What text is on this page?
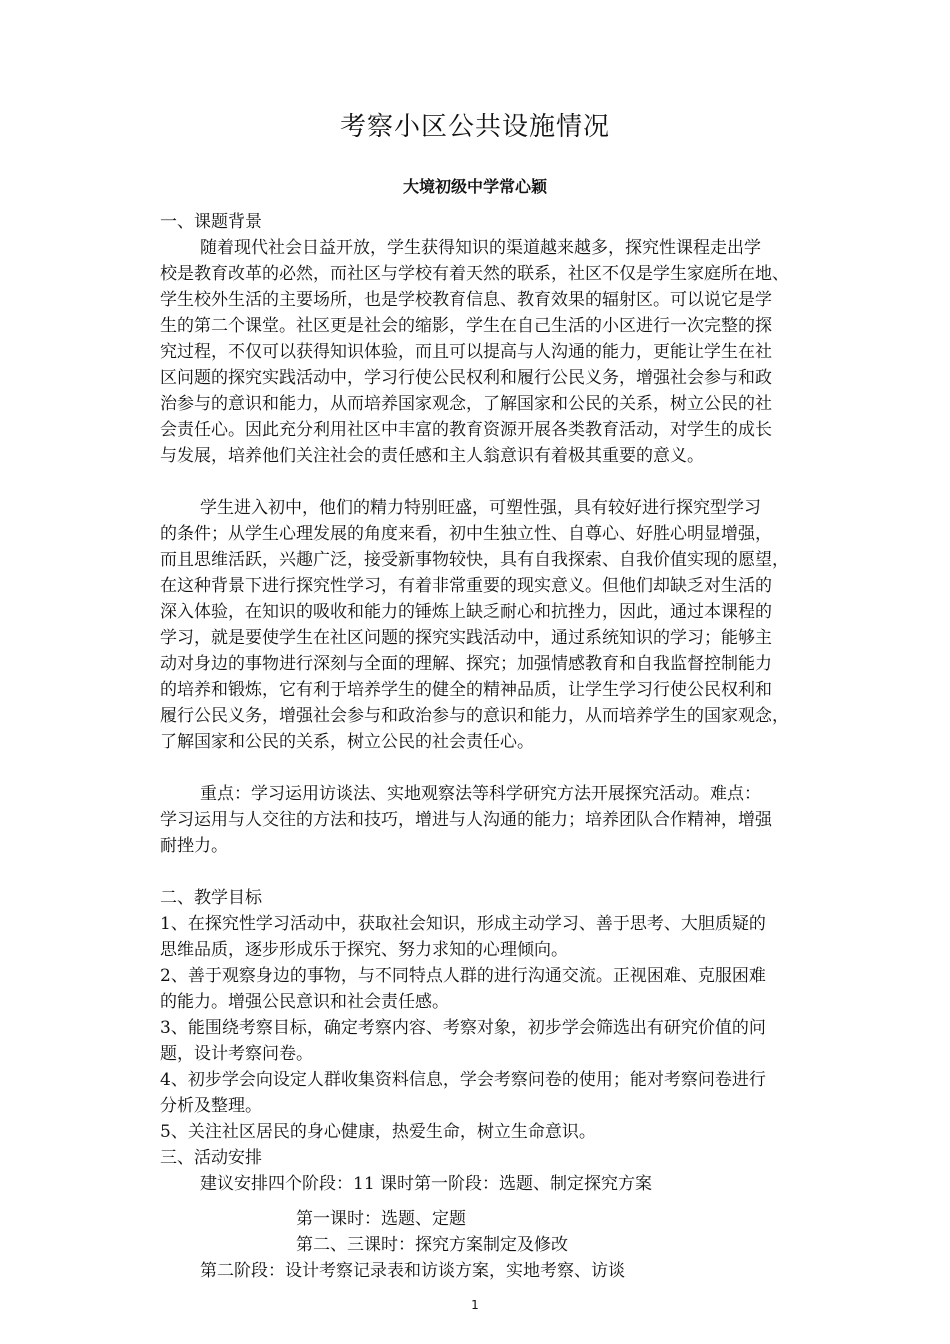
考察小区公共设施情况
大境初级中学常心颖
一、课题背景
随着现代社会日益开放，学生获得知识的渠道越来越多，探究性课程走出学
校是教育改革的必然，而社区与学校有着天然的联系，社区不仅是学生家庭所在地、
学生校外生活的主要场所，也是学校教育信息、教育效果的辐射区。可以说它是学
生的第二个课堂。社区更是社会的缩影，学生在自己生活的小区进行一次完整的探
究过程，不仅可以获得知识体验，而且可以提高与人沟通的能力，更能让学生在社
区问题的探究实践活动中，学习行使公民权利和履行公民义务，增强社会参与和政
治参与的意识和能力，从而培养国家观念，了解国家和公民的关系，树立公民的社
会责任心。因此充分利用社区中丰富的教育资源开展各类教育活动，对学生的成长
与发展，培养他们关注社会的责任感和主人翁意识有着极其重要的意义。
学生进入初中，他们的精力特别旺盛，可塑性强，具有较好进行探究型学习
的条件；从学生心理发展的角度来看，初中生独立性、自尊心、好胜心明显增强，
而且思维活跃，兴趣广泛，接受新事物较快，具有自我探索、自我价值实现的愿望，
在这种背景下进行探究性学习，有着非常重要的现实意义。但他们却缺乏对生活的
深入体验，在知识的吸收和能力的锤炼上缺乏耐心和抗挫力，因此，通过本课程的
学习，就是要使学生在社区问题的探究实践活动中，通过系统知识的学习；能够主
动对身边的事物进行深刻与全面的理解、探究；加强情感教育和自我监督控制能力
的培养和锻炼，它有利于培养学生的健全的精神品质，让学生学习行使公民权利和
履行公民义务，增强社会参与和政治参与的意识和能力，从而培养学生的国家观念，
了解国家和公民的关系，树立公民的社会责任心。
重点：学习运用访谈法、实地观察法等科学研究方法开展探究活动。难点：
学习运用与人交往的方法和技巧，增进与人沟通的能力；培养团队合作精神，增强
耐挫力。
二、教学目标
1、在探究性学习活动中，获取社会知识，形成主动学习、善于思考、大胆质疑的
思维品质，逐步形成乐于探究、努力求知的心理倾向。
2、善于观察身边的事物，与不同特点人群的进行沟通交流。正视困难、克服困难
的能力。增强公民意识和社会责任感。
3、能围绕考察目标，确定考察内容、考察对象，初步学会筛选出有研究价值的问
题，设计考察问卷。
4、初步学会向设定人群收集资料信息，学会考察问卷的使用；能对考察问卷进行
分析及整理。
5、关注社区居民的身心健康，热爱生命，树立生命意识。
三、活动安排
建议安排四个阶段：11 课时第一阶段：选题、制定探究方案
第一课时：选题、定题
第二、三课时：探究方案制定及修改
第二阶段：设计考察记录表和访谈方案，实地考察、访谈
1
